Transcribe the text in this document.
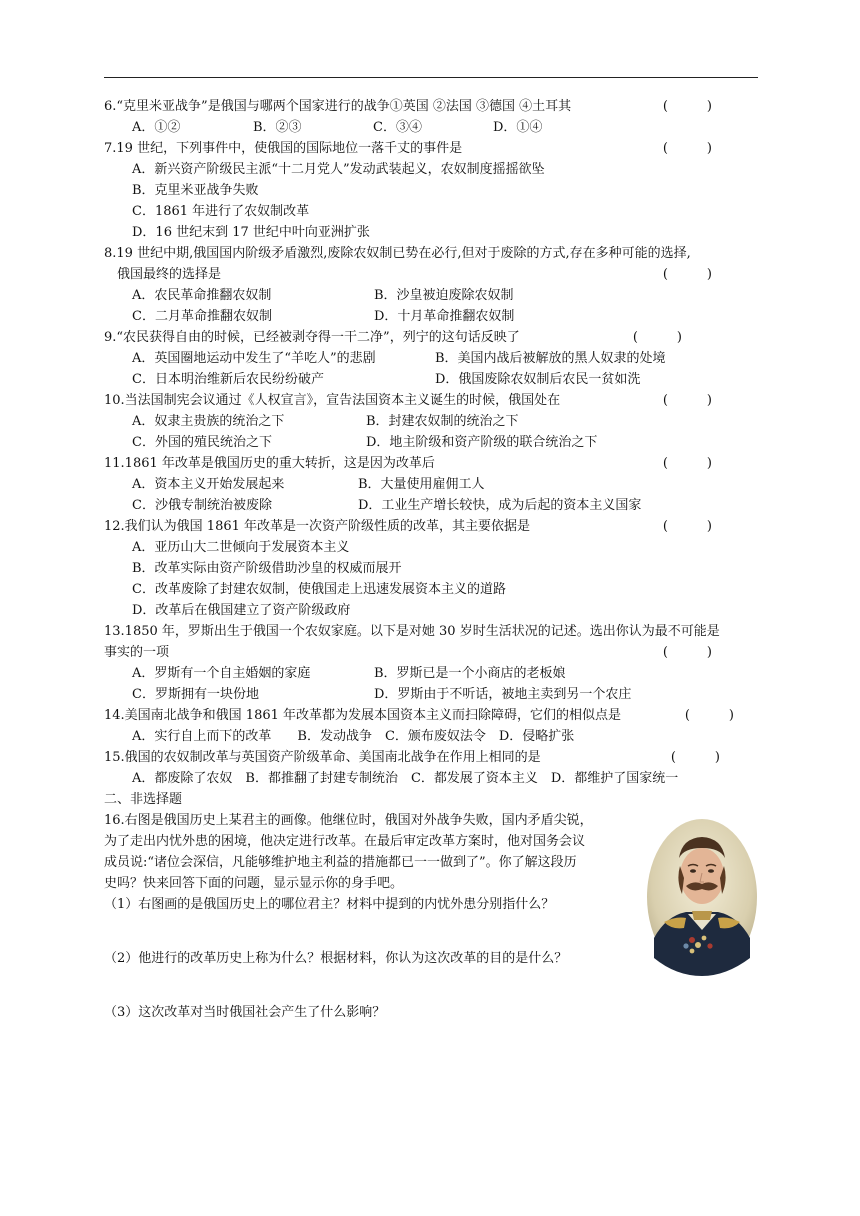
6.“克里米亚战争”是俄国与哪两个国家进行的战争①英国 ②法国 ③德国 ④土耳其	(　　　)
A．①②	B．②③	C．③④	D．①④
7.19 世纪，下列事件中，使俄国的国际地位一落千丈的事件是	(　　　)
A．新兴资产阶级民主派“十二月党人”发动武装起义，农奴制度摇摇欲坠
B．克里米亚战争失败
C．1861 年进行了农奴制改革
D．16 世纪末到 17 世纪中叶向亚洲扩张
8.19 世纪中期,俄国国内阶级矛盾激烈,废除农奴制已势在必行,但对于废除的方式,存在多种可能的选择,
俄国最终的选择是	(　　　)
A．农民革命推翻农奴制	B．沙皇被迫废除农奴制
C．二月革命推翻农奴制	D．十月革命推翻农奴制
9.“农民获得自由的时候，已经被剥夺得一干二净”，列宁的这句话反映了	(　　　)
A．英国圈地运动中发生了“羊吃人”的悲剧	B．美国内战后被解放的黑人奴隶的处境
C．日本明治维新后农民纷纷破产	D．俄国废除农奴制后农民一贫如洗
10.当法国制宪会议通过《人权宣言》，宣告法国资本主义诞生的时候，俄国处在	(　　　)
A．奴隶主贵族的统治之下	B．封建农奴制的统治之下
C．外国的殖民统治之下	D．地主阶级和资产阶级的联合统治之下
11.1861 年改革是俄国历史的重大转折，这是因为改革后	(　　　)
A．资本主义开始发展起来	B．大量使用雇佣工人
C．沙俄专制统治被废除	D．工业生产增长较快，成为后起的资本主义国家
12.我们认为俄国 1861 年改革是一次资产阶级性质的改革，其主要依据是	(　　　)
A．亚历山大二世倾向于发展资本主义
B．改革实际由资产阶级借助沙皇的权威而展开
C．改革废除了封建农奴制，使俄国走上迅速发展资本主义的道路
D．改革后在俄国建立了资产阶级政府
13.1850 年，罗斯出生于俄国一个农奴家庭。以下是对她 30 岁时生活状况的记述。选出你认为最不可能是
事实的一项	(　　　)
A．罗斯有一个自主婚姻的家庭	B．罗斯已是一个小商店的老板娘
C．罗斯拥有一块份地	D．罗斯由于不听话，被地主卖到另一个农庄
14.美国南北战争和俄国 1861 年改革都为发展本国资本主义而扫除障碍，它们的相似点是	(　　　)
A．实行自上而下的改革　　B．发动战争　C．颁布废奴法令　D．侵略扩张
15.俄国的农奴制改革与英国资产阶级革命、美国南北战争在作用上相同的是	(　　　)
A．都废除了农奴　B．都推翻了封建专制统治　C．都发展了资本主义　D．都维护了国家统一
二、非选择题
16.右图是俄国历史上某君主的画像。他继位时，俄国对外战争失败，国内矛盾尖锐，
为了走出内忧外患的困境，他决定进行改革。在最后审定改革方案时，他对国务会议
成员说:“诸位会深信，凡能够维护地主利益的措施都已一一做到了”。你了解这段历
史吗？快来回答下面的问题，显示显示你的身手吧。
（1）右图画的是俄国历史上的哪位君主？材料中提到的内忧外患分别指什么？
（2）他进行的改革历史上称为什么？根据材料，你认为这次改革的目的是什么？
（3）这次改革对当时俄国社会产生了什么影响？
